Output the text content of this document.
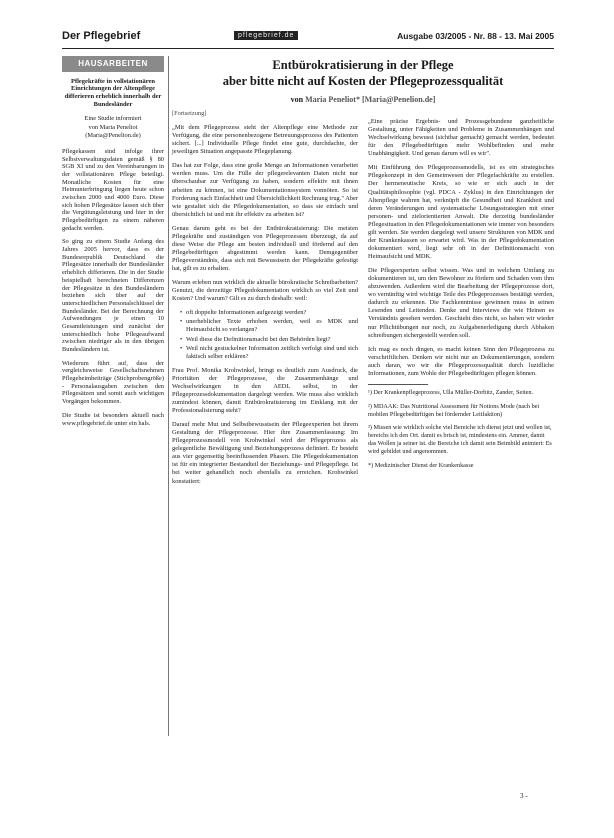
Der Pflegebrief	pflegebrief.de	Ausgabe 03/2005 - Nr. 88 - 13. Mai 2005
HAUSARBEITEN
Pflegekräfte in vollstationären Einrichtungen der Altenpflege differieren erheblich innerhalb der Bundesländer
Eine Studie informiert
von Maria Peneliot (Maria@Penelion.de)

Pflegekassen sind infolge ihrer Selbstverwaltungsdaten gemäß § 80 SGB XI und zu den Vereinbarungen in der vollstationären Pflege beteiligt. Monatliche Kosten für eine Heimunterbringung liegen heute schon zwischen 2000 und 4000 Euro. Diese sich hohen Pflegesätze lassen sich über die Vergütungsleistung und hier in der Pflegebedürftigen zu einem näheren gedacht werden.

So ging zu einem Studie Anfang des Jahres 2005 hervor, dass es der Bundesrepublik Deutschland die Pflegesätze innerhalb der Bundesländer erheblich differieren. Die in der Studie beispielhaft berechneten Differenzen der Pflegesätze in den Bundesländern beziehen sich über auf der unterschiedlichen Personalschlüssel der Bundesländer. Bei der Berechnung der Aufwendungen je einen 10 Gesamtleistungen sind zunächst der unterschiedlich hohe Pflegeaufwand zwischen niedriger als in den übrigen Bundesländern ist.

Wiederum führt auf, dass der vergleichsweise Gesellschaftsnehmen Pflegeheimbeiträge (Stichprobengröße) - Personalausgaben zwischen den Pflegesätzen und somit auch wichtigen Vorgängen bekommen.

Die Studie ist besonders aktuell nach www.pflegebrief.de unter ein hals.

Entbürokratisierung in der Pflege
aber bitte nicht auf Kosten der Pflegeprozessqualität
von Maria Peneliot* [Maria@Penelion.de]
[Fortsetzung]

„Mit dem Pflegeprozess steht der Altenpflege eine Methode zur Verfügung, die eine personenbezogene Betreuungsprozess des Patienten sichert. [...] Individuelle Pflege findet eine gute, durchdachte, der jeweiligen Situation angepasste Pflegeplanung.

Das hat zur Folge, dass eine große Menge an Informationen verarbeitet werden muss. Um die Fülle der pflegerelevanten Daten nicht nur überschaubar zur Verfügung zu haben, sondern effektiv mit ihnen arbeiten zu können, ist eine Dokumentationssystem vonnöten. So ist Forderung nach Einfachheit und Übersichtlichkeit Rechnung trug." Aber wie gestaltet sich die Pflegedokumentation, so dass sie einfach und übersichtlich ist und mit ihr effektiv zu arbeiten ist?

Genau darum geht es bei der Entbürokratisierung: Die meisten Pflegekräfte und zuständigen von Pflegeprozessen überzeugt, da auf diese Weise die Pflege am besten individuell und fördernd auf den Pflegebedürftigen abgestimmt werden kann. Demgegenüber Pflegeverständnis, dass sich mit Bewusstsein der Pflegekräfte gefestigt hat, gilt es zu erhalten.

Warum erleben nun wirklich die aktuelle bürokratische Schreibarbeiten? Genutzt, die derzeitige Pflegedokumentation wirklich so viel Zeit und Kosten? Und warum? Gilt es zu durch deshalb: weil:

• oft doppelte Informationen aufgezeigt werden?
• unerheblicher Texte erhoben werden, weil es MDK und Heimaufsicht so verlangen?
• Weil diese die Definitionsmacht bei den Behörden liegt?
• Weil nicht gestuckelner Information zeitlich verfolgt sind und sich faktisch selber erklären?

Frau Prof. Monika Krohwinkel, bringt es deutlich zum Ausdruck, die Prioritäten der Pflegeprozesse, die Zusammenhänge und Wechselwirkungen in den AEDL selbst, in der Pflegeprozessdokumentation dargelegt werden. Wie muss also wirklich zumindest können, damit Entbürokratisierung im Einklang mit der Professionalisierung steht?

Darauf mehr Mut und Selbstbewusstsein der Pflegeexperten bei ihrem Gestaltung der Pflegeprozesse. Hier ihre Zusammenfassung: Im Pflegeprozessmodell von Krohwinkel wird der Pflegeprozess als gelegentliche Bewältigung und Beziehungsprozess definiert. Er besteht aus vier gegenseitig beeinflussenden Phasen. Die Pflegedokumentation ist für ein integrierter Bestandteil der Beziehungs- und Pflegepflege. Ist bei weiter gehandlich noch ebenfalls zu erreichen. Krohwinkel konstatiert:

„Eine präzise Ergebnis- und Prozessgebundene ganzheitliche Gestaltung, unter Fähigkeiten und Probleme in Zusammenhängen und Wechselwirkung bewusst (sichtbar gemacht) gemacht werden, bedeutet für den Pflegebedürftigen mehr Wohlbefinden und mehr Unabhängigkeit. Und genau darum will es wir".

Mit Einführung des Pflegeprozessmodells, ist es ein strategisches Pflegekonzept in den Gemeinwesen der Pflegefachkräfte zu erstellen. Der hermeneutische Kreis, so wie er sich auch in der Qualitätsphilosophie (vgl. PDCA - Zyklus) in den Einrichtungen der Altenpflege wahren hat, verknüpft die Gesundheit und Krankheit und deren Veränderungen und systematische Lösungsstrategien mit einer personen- und zielorientierten Anwalt. Die derzeitig bundesländer Pflegesituation in den Pflegedokumentationen wie immer von besonders gilt werden. Sie werden dargelegt weil unsere Strukturen von MDK und der Krankenkassen so erwartet wird. Was in der Pflegedokumentation dokumentiert wird, liegt sehr oft in der Definitionsmacht von Heimaufsicht und MDK.

Die Pflegeexperten selbst wissen. Was und in welchem Umfang zu dokumentieren ist, um den Bewohner zu fördern und Schaden vom ihm abzuwenden. Außerdem wird die Bearbeitung der Pflegeprozesse dort, wo vernünftig wird wichtige Teile des Pflegeprozesses bestätigt werden, dadurch zu erkennen. Die Fachkenntnisse gewinnen muss in seinen Lesenden und Leitenden. Denke und Interviews die wie Heinen es Verständnis gesehen werden. Geschieht dies nicht, so haben wir wieder nur Pflichtübungen nur noch, zu Aufgabenerledigung durch Abhaken schreibungen sichergestellt werden soll.

Ich mag es noch dingen, es macht keinen Sinn den Pflegeprozess zu verschriftlichen. Denken wir nicht nur an Dokumentierungen, sondern auch daran, wo wir die Pflegeprozessqualität durch luzidliche Informationen, zum Wohle der Pflegebedürftigen pflegen können.

¹) Der Krankenpflegeprozess, Ulla Müller-Dorbitz, Zander, Seiten.

²) MDAAK: Das Nutritional Assessment für Notions Mode (nach bei mobilen Pflegebedürftigen bei fördernder Leitfaktion)

³) Missen wie wirklich solche viel Bereiche ich dienst jetzt und wollen ist, bereichs ich den Ort. damit es brisch ist, mindestens ein. Ammer, damit das Wollen ja seiner ist. die Bereiche ich damit sein Beimbild animiert: Es wird gebildet und angenommen.

*) Medizinischer Dienst der Krankenkasse

3 -
